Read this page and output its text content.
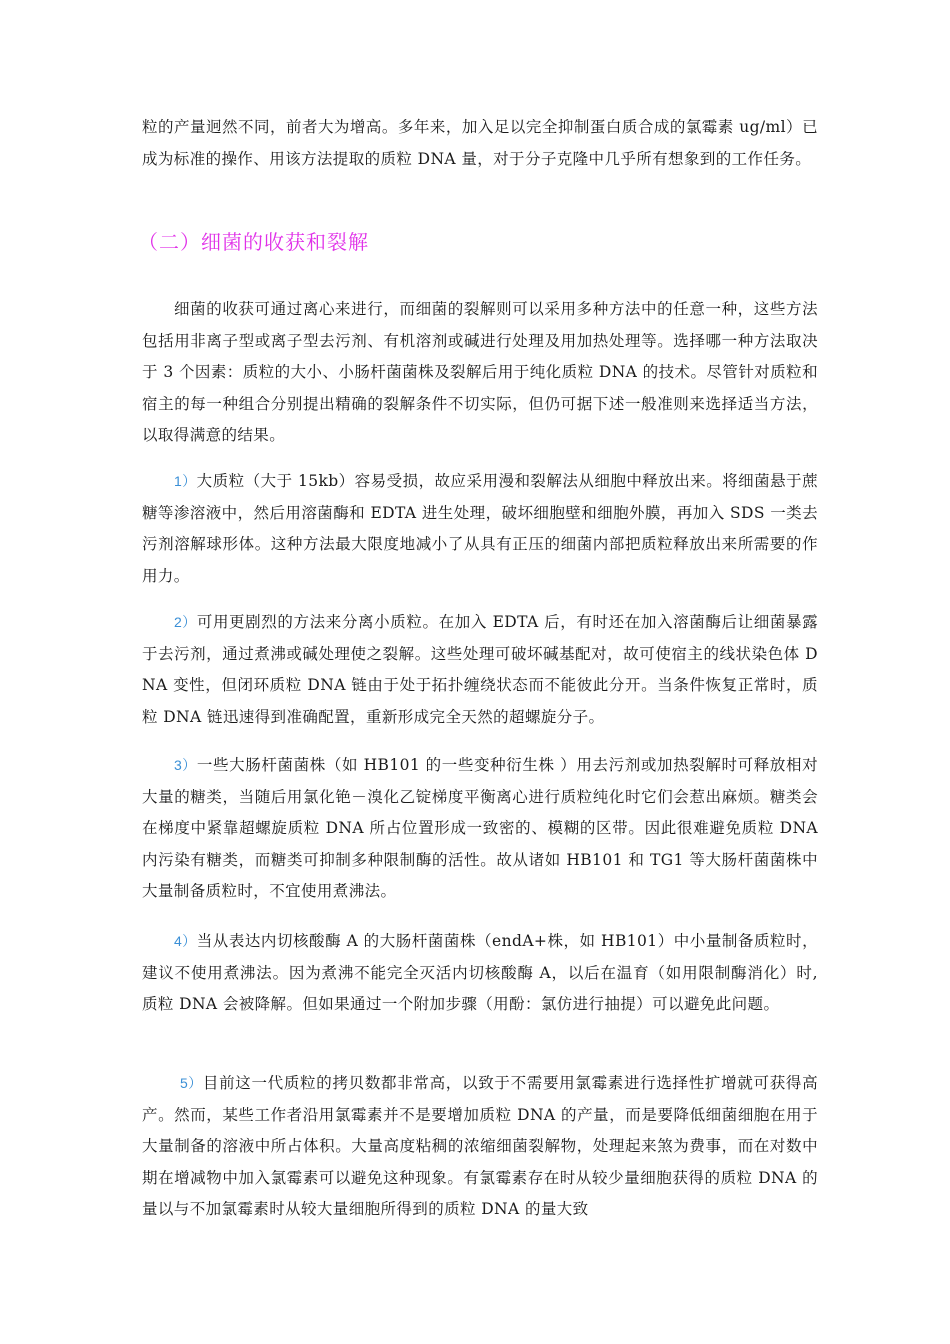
粒的产量迥然不同，前者大为增高。多年来，加入足以完全抑制蛋白质合成的氯霉素 ug/ml）已成为标准的操作、用该方法提取的质粒 DNA 量，对于分子克隆中几乎所有想象到的工作任务。

（二）细菌的收获和裂解

细菌的收获可通过离心来进行，而细菌的裂解则可以采用多种方法中的任意一种，这些方法包括用非离子型或离子型去污剂、有机溶剂或碱进行处理及用加热处理等。选择哪一种方法取决于 3 个因素：质粒的大小、小肠杆菌菌株及裂解后用于纯化质粒 DNA 的技术。尽管针对质粒和宿主的每一种组合分别提出精确的裂解条件不切实际，但仍可据下述一般准则来选择适当方法，以取得满意的结果。

1）大质粒（大于 15kb）容易受损，故应采用漫和裂解法从细胞中释放出来。将细菌悬于蔗糖等渗溶液中，然后用溶菌酶和 EDTA 进生处理，破坏细胞壁和细胞外膜，再加入 SDS 一类去污剂溶解球形体。这种方法最大限度地减小了从具有正压的细菌内部把质粒释放出来所需要的作用力。

2）可用更剧烈的方法来分离小质粒。在加入 EDTA 后，有时还在加入溶菌酶后让细菌暴露于去污剂，通过煮沸或碱处理使之裂解。这些处理可破坏碱基配对，故可使宿主的线状染色体 DNA 变性，但闭环质粒 DNA 链由于处于拓扑缠绕状态而不能彼此分开。当条件恢复正常时，质粒 DNA 链迅速得到准确配置，重新形成完全天然的超螺旋分子。

3）一些大肠杆菌菌株（如 HB101 的一些变种衍生株 ）用去污剂或加热裂解时可释放相对大量的糖类，当随后用氯化铯－溴化乙锭梯度平衡离心进行质粒纯化时它们会惹出麻烦。糖类会在梯度中紧靠超螺旋质粒 DNA 所占位置形成一致密的、模糊的区带。因此很难避免质粒 DNA 内污染有糖类，而糖类可抑制多种限制酶的活性。故从诸如 HB101 和 TG1 等大肠杆菌菌株中大量制备质粒时，不宜使用煮沸法。

4）当从表达内切核酸酶 A 的大肠杆菌菌株（endA+株，如 HB101）中小量制备质粒时，建议不使用煮沸法。因为煮沸不能完全灭活内切核酸酶 A，以后在温育（如用限制酶消化）时, 质粒 DNA 会被降解。但如果通过一个附加步骤（用酚：氯仿进行抽提）可以避免此问题。

5）目前这一代质粒的拷贝数都非常高，以致于不需要用氯霉素进行选择性扩增就可获得高产。然而，某些工作者沿用氯霉素并不是要增加质粒 DNA 的产量，而是要降低细菌细胞在用于大量制备的溶液中所占体积。大量高度粘稠的浓缩细菌裂解物，处理起来煞为费事，而在对数中期在增减物中加入氯霉素可以避免这种现象。有氯霉素存在时从较少量细胞获得的质粒 DNA 的量以与不加氯霉素时从较大量细胞所得到的质粒 DNA 的量大致
